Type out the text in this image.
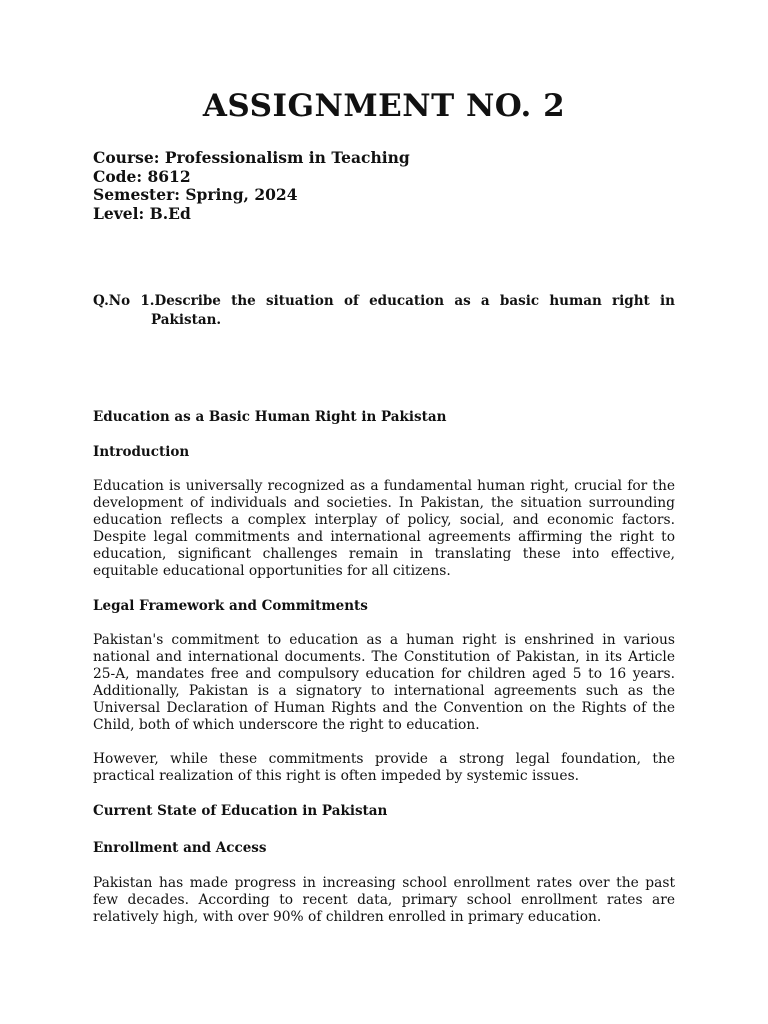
ASSIGNMENT NO. 2
Course: Professionalism in Teaching
Code: 8612
Semester: Spring, 2024
Level: B.Ed
Q.No 1.Describe the situation of education as a basic human right in Pakistan.
Education as a Basic Human Right in Pakistan
Introduction
Education is universally recognized as a fundamental human right, crucial for the development of individuals and societies. In Pakistan, the situation surrounding education reflects a complex interplay of policy, social, and economic factors. Despite legal commitments and international agreements affirming the right to education, significant challenges remain in translating these into effective, equitable educational opportunities for all citizens.
Legal Framework and Commitments
Pakistan's commitment to education as a human right is enshrined in various national and international documents. The Constitution of Pakistan, in its Article 25-A, mandates free and compulsory education for children aged 5 to 16 years. Additionally, Pakistan is a signatory to international agreements such as the Universal Declaration of Human Rights and the Convention on the Rights of the Child, both of which underscore the right to education.
However, while these commitments provide a strong legal foundation, the practical realization of this right is often impeded by systemic issues.
Current State of Education in Pakistan
Enrollment and Access
Pakistan has made progress in increasing school enrollment rates over the past few decades. According to recent data, primary school enrollment rates are relatively high, with over 90% of children enrolled in primary education.
